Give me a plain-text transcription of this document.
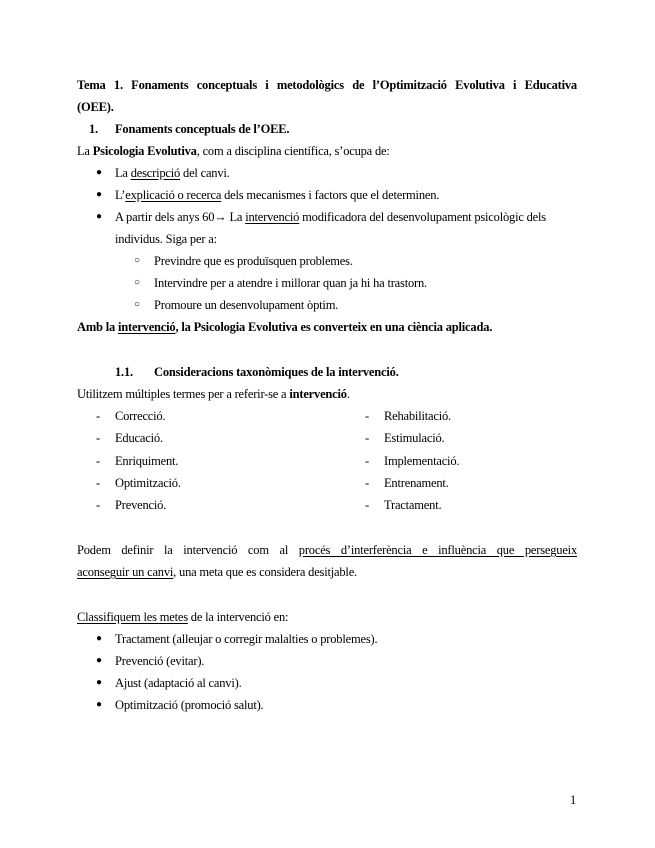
Tema 1. Fonaments conceptuals i metodològics de l’Optimització Evolutiva i Educativa
(OEE).
1. Fonaments conceptuals de l’OEE.
La Psicologia Evolutiva, com a disciplina científica, s’ocupa de:
● La descripció del canvi.
● L’explicació o recerca dels mecanismes i factors que el determinen.
● A partir dels anys 60→ La intervenció modificadora del desenvolupament psicològic dels
individus. Siga per a:
○ Previndre que es produïsquen problemes.
○ Intervindre per a atendre i millorar quan ja hi ha trastorn.
○ Promoure un desenvolupament òptim.
Amb la intervenció, la Psicologia Evolutiva es converteix en una ciència aplicada.
1.1. Consideracions taxonòmiques de la intervenció.
Utilitzem múltiples termes per a referir-se a intervenció.
- Correcció.	- Rehabilitació.
- Educació.	- Estimulació.
- Enriquiment.	- Implementació.
- Optimització.	- Entrenament.
- Prevenció.	- Tractament.
Podem definir la intervenció com al procés d’interferència e influència que persegueix
aconseguir un canvi, una meta que es considera desitjable.
Classifiquem les metes de la intervenció en:
● Tractament (alleujar o corregir malalties o problemes).
● Prevenció (evitar).
● Ajust (adaptació al canvi).
● Optimització (promoció salut).
1
